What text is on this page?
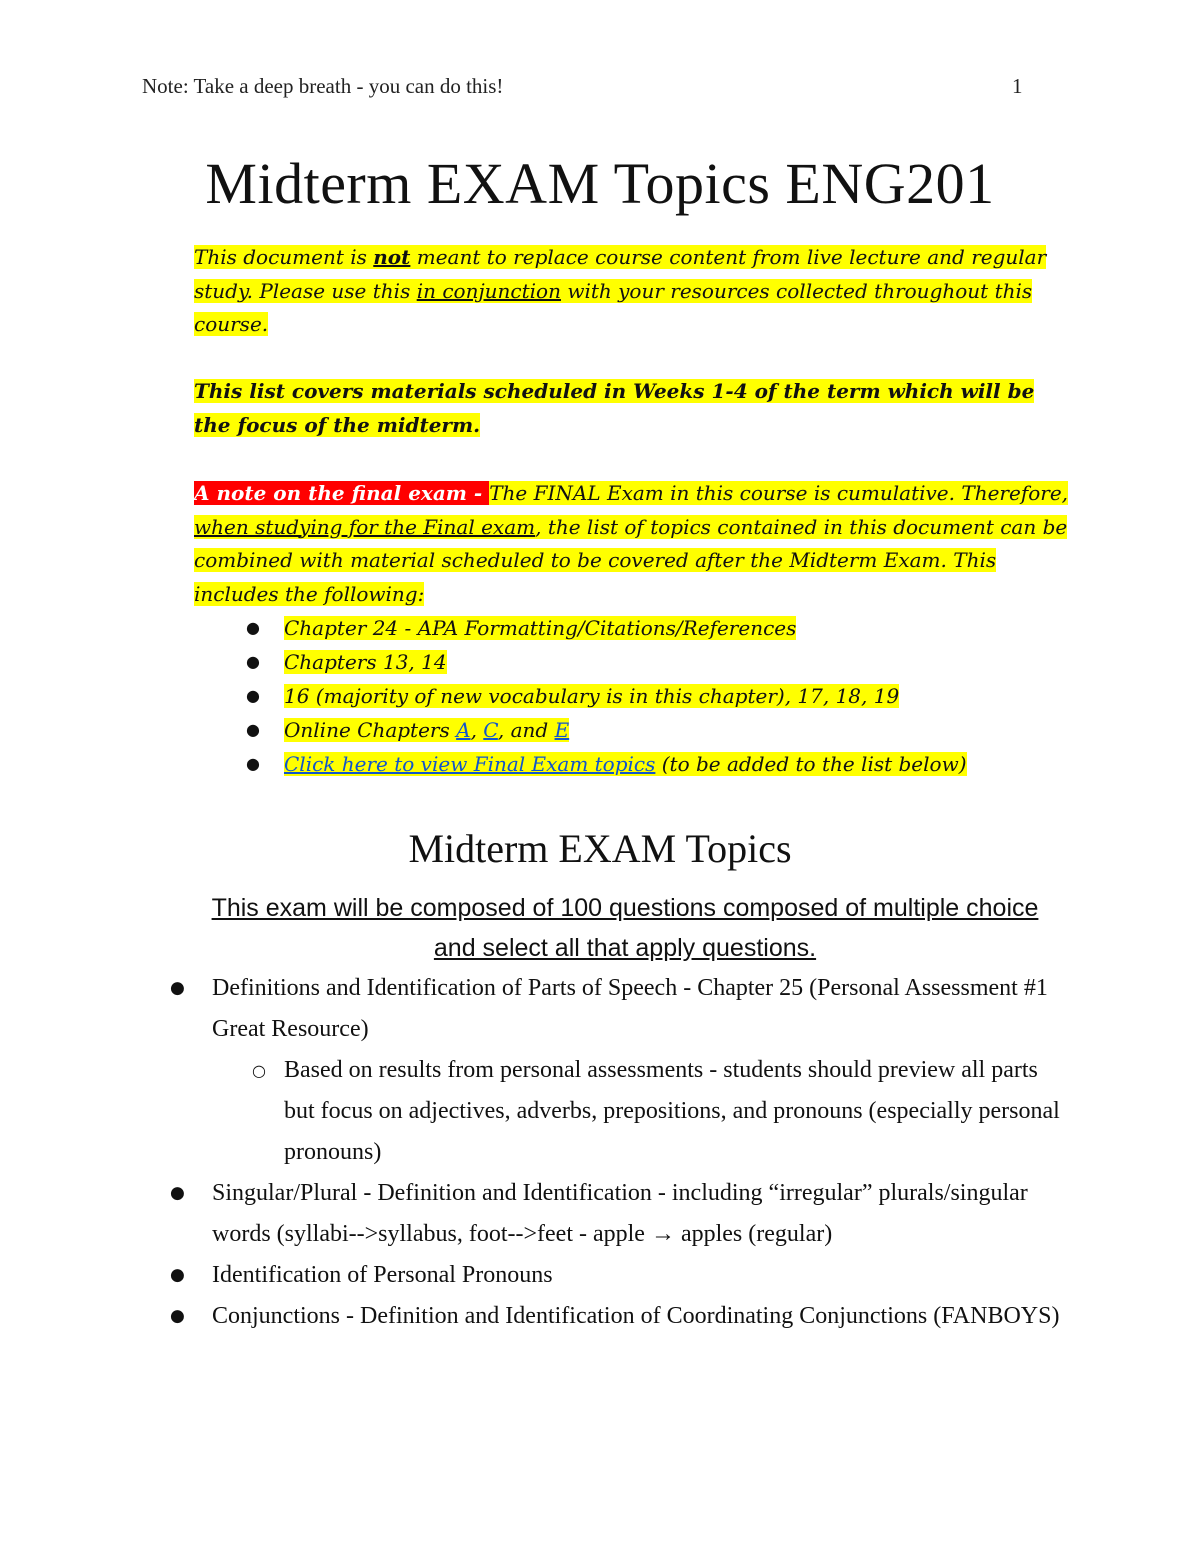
Note: Take a deep breath - you can do this!	1
Midterm EXAM Topics ENG201
This document is not meant to replace course content from live lecture and regular study. Please use this in conjunction with your resources collected throughout this course.
This list covers materials scheduled in Weeks 1-4 of the term which will be the focus of the midterm.
A note on the final exam - The FINAL Exam in this course is cumulative. Therefore, when studying for the Final exam, the list of topics contained in this document can be combined with material scheduled to be covered after the Midterm Exam. This includes the following:
●	Chapter 24 - APA Formatting/Citations/References
●	Chapters 13, 14
●	16 (majority of new vocabulary is in this chapter), 17, 18, 19
●	Online Chapters A, C, and E
●	Click here to view Final Exam topics (to be added to the list below)
Midterm EXAM Topics
This exam will be composed of 100 questions composed of multiple choice and select all that apply questions.
● Definitions and Identification of Parts of Speech - Chapter 25 (Personal Assessment #1 Great Resource)
○ Based on results from personal assessments - students should preview all parts but focus on adjectives, adverbs, prepositions, and pronouns (especially personal pronouns)
● Singular/Plural - Definition and Identification - including “irregular” plurals/singular words (syllabi-->syllabus, foot-->feet - apple → apples (regular)
● Identification of Personal Pronouns
● Conjunctions - Definition and Identification of Coordinating Conjunctions (FANBOYS)
